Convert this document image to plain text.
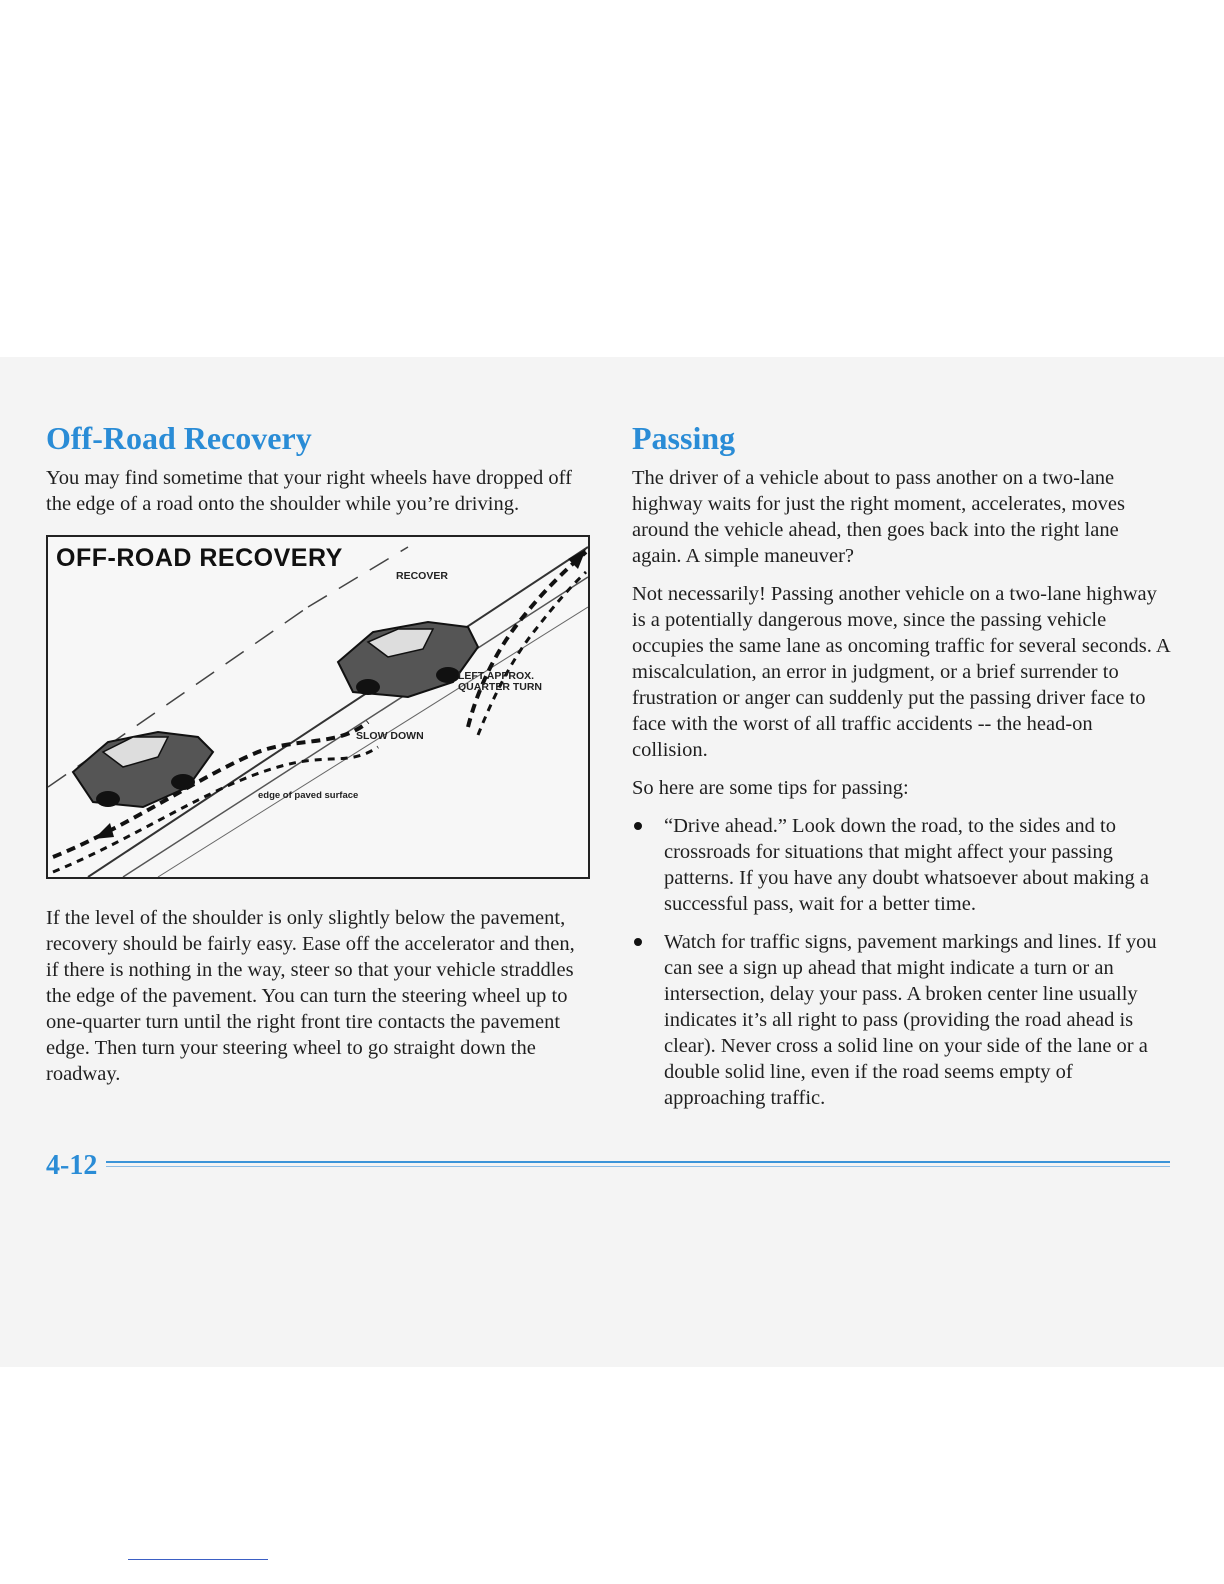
Off-Road Recovery

You may find sometime that your right wheels have dropped off the edge of a road onto the shoulder while you’re driving.

OFF-ROAD RECOVERY

RECOVER
LEFT APPROX.
QUARTER TURN
SLOW DOWN
edge of paved surface

If the level of the shoulder is only slightly below the pavement, recovery should be fairly easy. Ease off the accelerator and then, if there is nothing in the way, steer so that your vehicle straddles the edge of the pavement. You can turn the steering wheel up to one-quarter turn until the right front tire contacts the pavement edge. Then turn your steering wheel to go straight down the roadway.

Passing

The driver of a vehicle about to pass another on a two-lane highway waits for just the right moment, accelerates, moves around the vehicle ahead, then goes back into the right lane again. A simple maneuver?

Not necessarily! Passing another vehicle on a two-lane highway is a potentially dangerous move, since the passing vehicle occupies the same lane as oncoming traffic for several seconds. A miscalculation, an error in judgment, or a brief surrender to frustration or anger can suddenly put the passing driver face to face with the worst of all traffic accidents -- the head-on collision.

So here are some tips for passing:

“Drive ahead.” Look down the road, to the sides and to crossroads for situations that might affect your passing patterns. If you have any doubt whatsoever about making a successful pass, wait for a better time.
Watch for traffic signs, pavement markings and lines. If you can see a sign up ahead that might indicate a turn or an intersection, delay your pass. A broken center line usually indicates it’s all right to pass (providing the road ahead is clear). Never cross a solid line on your side of the lane or a double solid line, even if the road seems empty of approaching traffic.
4-12
